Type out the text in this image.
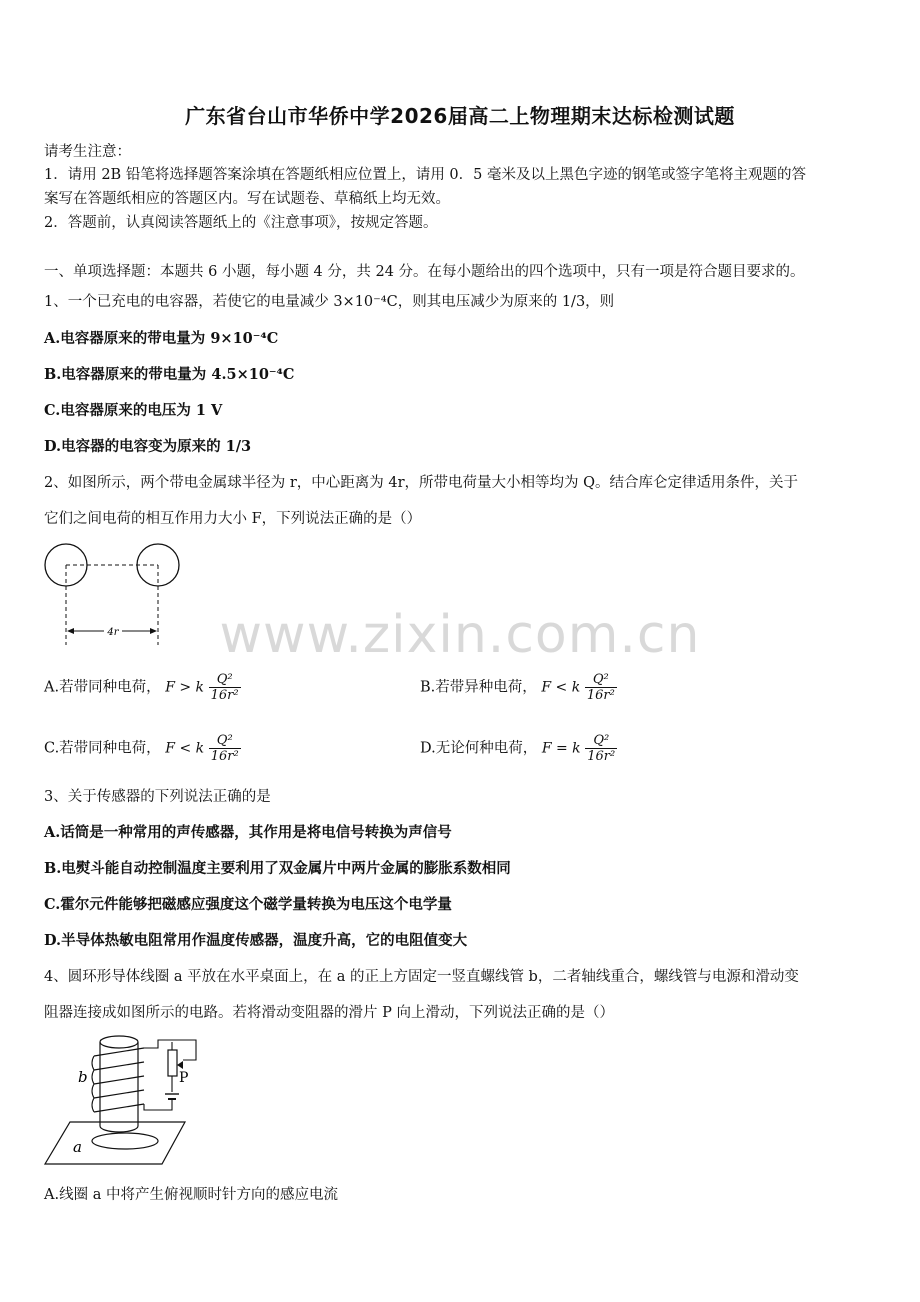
www.zixin.com.cn
广东省台山市华侨中学2026届高二上物理期末达标检测试题
请考生注意：
1．请用 2B 铅笔将选择题答案涂填在答题纸相应位置上，请用 0．5 毫米及以上黑色字迹的钢笔或签字笔将主观题的答
案写在答题纸相应的答题区内。写在试题卷、草稿纸上均无效。
2．答题前，认真阅读答题纸上的《注意事项》，按规定答题。
一、单项选择题：本题共 6 小题，每小题 4 分，共 24 分。在每小题给出的四个选项中，只有一项是符合题目要求的。
1、一个已充电的电容器，若使它的电量减少 3×10⁻⁴C，则其电压减少为原来的 1/3，则
A.电容器原来的带电量为 9×10⁻⁴C
B.电容器原来的带电量为 4.5×10⁻⁴C
C.电容器原来的电压为 1 V
D.电容器的电容变为原来的 1/3
2、如图所示，两个带电金属球半径为 r，中心距离为 4r，所带电荷量大小相等均为 Q。结合库仑定律适用条件，关于
它们之间电荷的相互作用力大小 F，下列说法正确的是（）
4r
A.若带同种电荷， F > k $\frac{\text{Q²}}{\text{16r²}}$	B.若带异种电荷， F < k $\frac{\text{Q²}}{\text{16r²}}$
C.若带同种电荷， F < k $\frac{\text{Q²}}{\text{16r²}}$	D.无论何种电荷， F = k $\frac{\text{Q²}}{\text{16r²}}$
3、关于传感器的下列说法正确的是
A.话筒是一种常用的声传感器，其作用是将电信号转换为声信号
B.电熨斗能自动控制温度主要利用了双金属片中两片金属的膨胀系数相同
C.霍尔元件能够把磁感应强度这个磁学量转换为电压这个电学量
D.半导体热敏电阻常用作温度传感器，温度升高，它的电阻值变大
4、圆环形导体线圈 a 平放在水平桌面上，在 a 的正上方固定一竖直螺线管 b，二者轴线重合，螺线管与电源和滑动变
阻器连接成如图所示的电路。若将滑动变阻器的滑片 P 向上滑动，下列说法正确的是（）
a
b	P
A.线圈 a 中将产生俯视顺时针方向的感应电流
